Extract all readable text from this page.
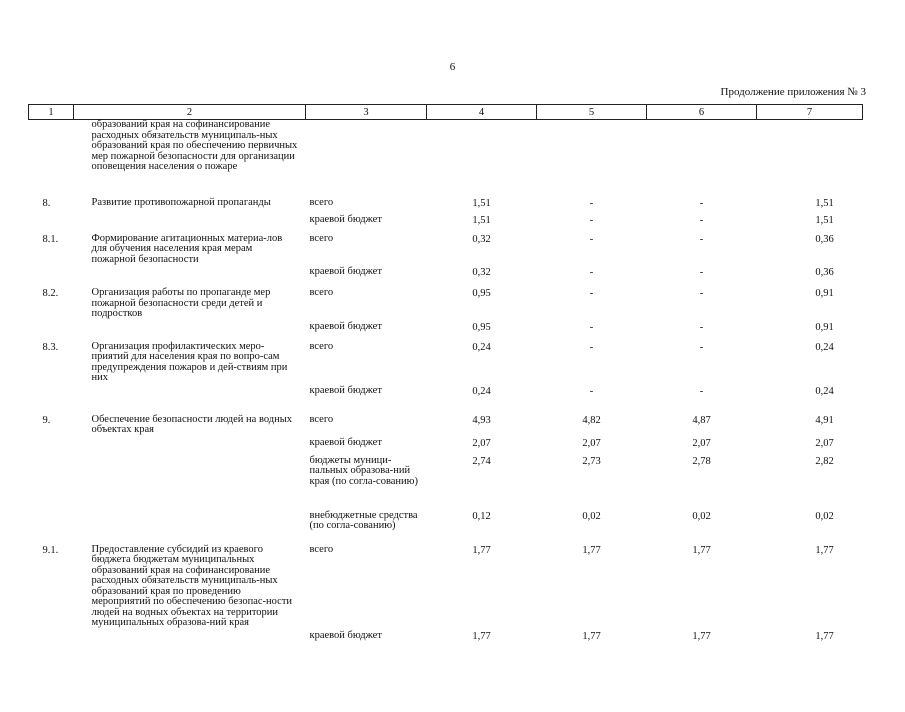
6
Продолжение приложения № 3
1	2	3	4	5	6	7
	образований края на софинансирование расходных обязательств муниципаль-ных образований края по обеспечению первичных мер пожарной безопасности для организации оповещения населения о пожаре					
8.	Развитие противопожарной пропаганды	всего	1,51	-	-	1,51
		краевой бюджет	1,51	-	-	1,51
8.1.	Формирование агитационных материа-лов для обучения населения края мерам пожарной безопасности	всего	0,32	-	-	0,36
		краевой бюджет	0,32	-	-	0,36
8.2.	Организация работы по пропаганде мер пожарной безопасности среди детей и подростков	всего	0,95	-	-	0,91
		краевой бюджет	0,95	-	-	0,91
8.3.	Организация профилактических меро-приятий для населения края по вопро-сам предупреждения пожаров и дей-ствиям при них	всего	0,24	-	-	0,24
		краевой бюджет	0,24	-	-	0,24
9.	Обеспечение безопасности людей на водных объектах края	всего	4,93	4,82	4,87	4,91
		краевой бюджет	2,07	2,07	2,07	2,07
		бюджеты муници-пальных образова-ний края (по согла-сованию)	2,74	2,73	2,78	2,82
		внебюджетные средства (по согла-сованию)	0,12	0,02	0,02	0,02
9.1.	Предоставление субсидий из краевого бюджета бюджетам муниципальных образований края на софинансирование расходных обязательств муниципаль-ных образований края по проведению мероприятий по обеспечению безопас-ности людей на водных объектах на территории муниципальных образова-ний края	всего	1,77	1,77	1,77	1,77
		краевой бюджет	1,77	1,77	1,77	1,77
